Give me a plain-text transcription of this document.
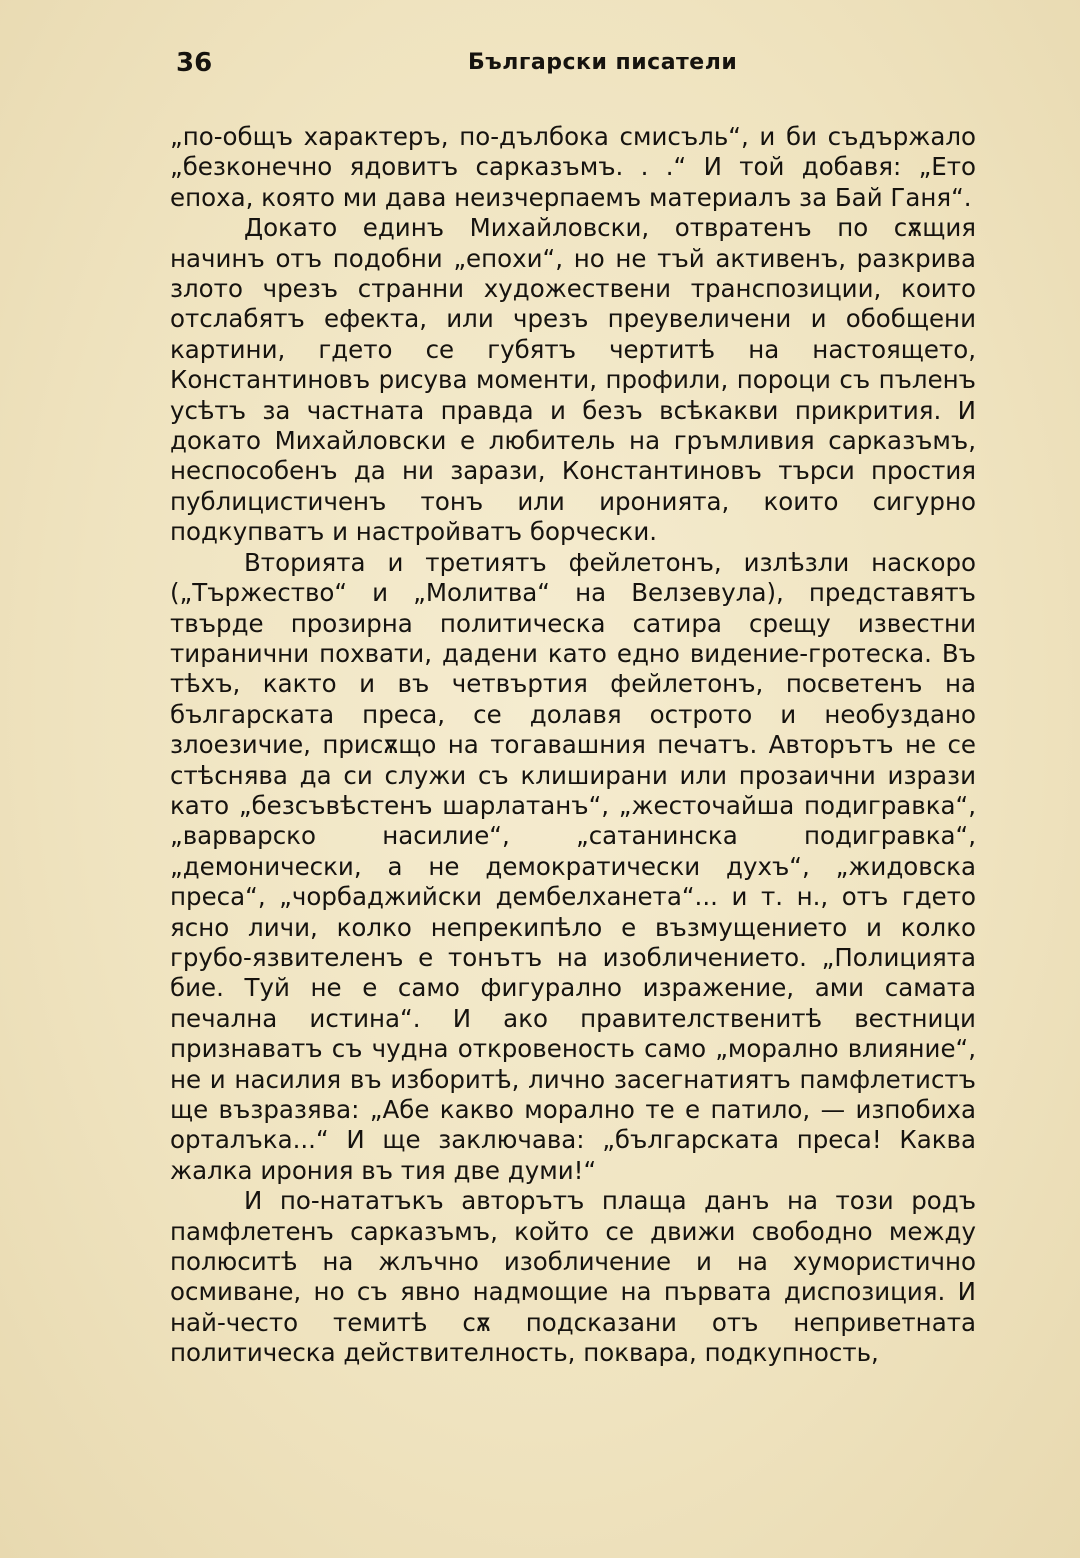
36	Български писатели

„по-общъ характеръ, по-дълбока смисъль“, и би съдържало „безконечно ядовитъ сарказъмъ. . .“ И той добавя: „Ето епоха, която ми дава неизчерпаемъ материалъ за Бай Ганя“.

Докато единъ Михайловски, отвратенъ по сѫщия начинъ отъ подобни „епохи“, но не тъй активенъ, разкрива злото чрезъ странни художествени транспозиции, които отслабятъ ефекта, или чрезъ преувеличени и обобщени картини, гдето се губятъ чертитѣ на настоящето, Константиновъ рисува моменти, профили, пороци съ пъленъ усѣтъ за частната правда и безъ всѣкакви прикрития. И докато Михайловски е любитель на гръмливия сарказъмъ, неспособенъ да ни зарази, Константиновъ търси простия публицистиченъ тонъ или иронията, които сигурно подкупватъ и настройватъ борчески.

Вторията и третиятъ фейлетонъ, излѣзли наскоро („Тържество“ и „Молитва“ на Велзевула), представятъ твърде прозирна политическа сатира срещу известни тиранични похвати, дадени като едно видение-гротеска. Въ тѣхъ, както и въ четвъртия фейлетонъ, посветенъ на българската преса, се долавя острото и необуздано злоезичие, присѫщо на тогавашния печатъ. Авторътъ не се стѣснява да си служи съ клиширани или прозаични изрази като „безсъвѣстенъ шарлатанъ“, „жесточайша подигравка“, „варварско насилие“, „сатанинска подигравка“, „демонически, а не демократически духъ“, „жидовска преса“, „чорбаджийски дембелханета“... и т. н., отъ гдето ясно личи, колко непрекипѣло е възмущението и колко грубо-язвителенъ е тонътъ на изобличението. „Полицията бие. Туй не е само фигурално изражение, ами самата печална истина“. И ако правителственитѣ вестници признаватъ съ чудна откровеность само „морално влияние“, не и насилия въ изборитѣ, лично засегнатиятъ памфлетистъ ще възразява: „Абе какво морално те е патило, — изпобиха орталъка...“ И ще заключава: „българската преса! Каква жалка ирония въ тия две думи!“

И по-нататъкъ авторътъ плаща данъ на този родъ памфлетенъ сарказъмъ, който се движи свободно между полюситѣ на жлъчно изобличение и на хумористично осмиване, но съ явно надмощие на първата диспозиция. И най-често темитѣ сѫ подсказани отъ неприветната политическа действителность, поквара, подкупность,
